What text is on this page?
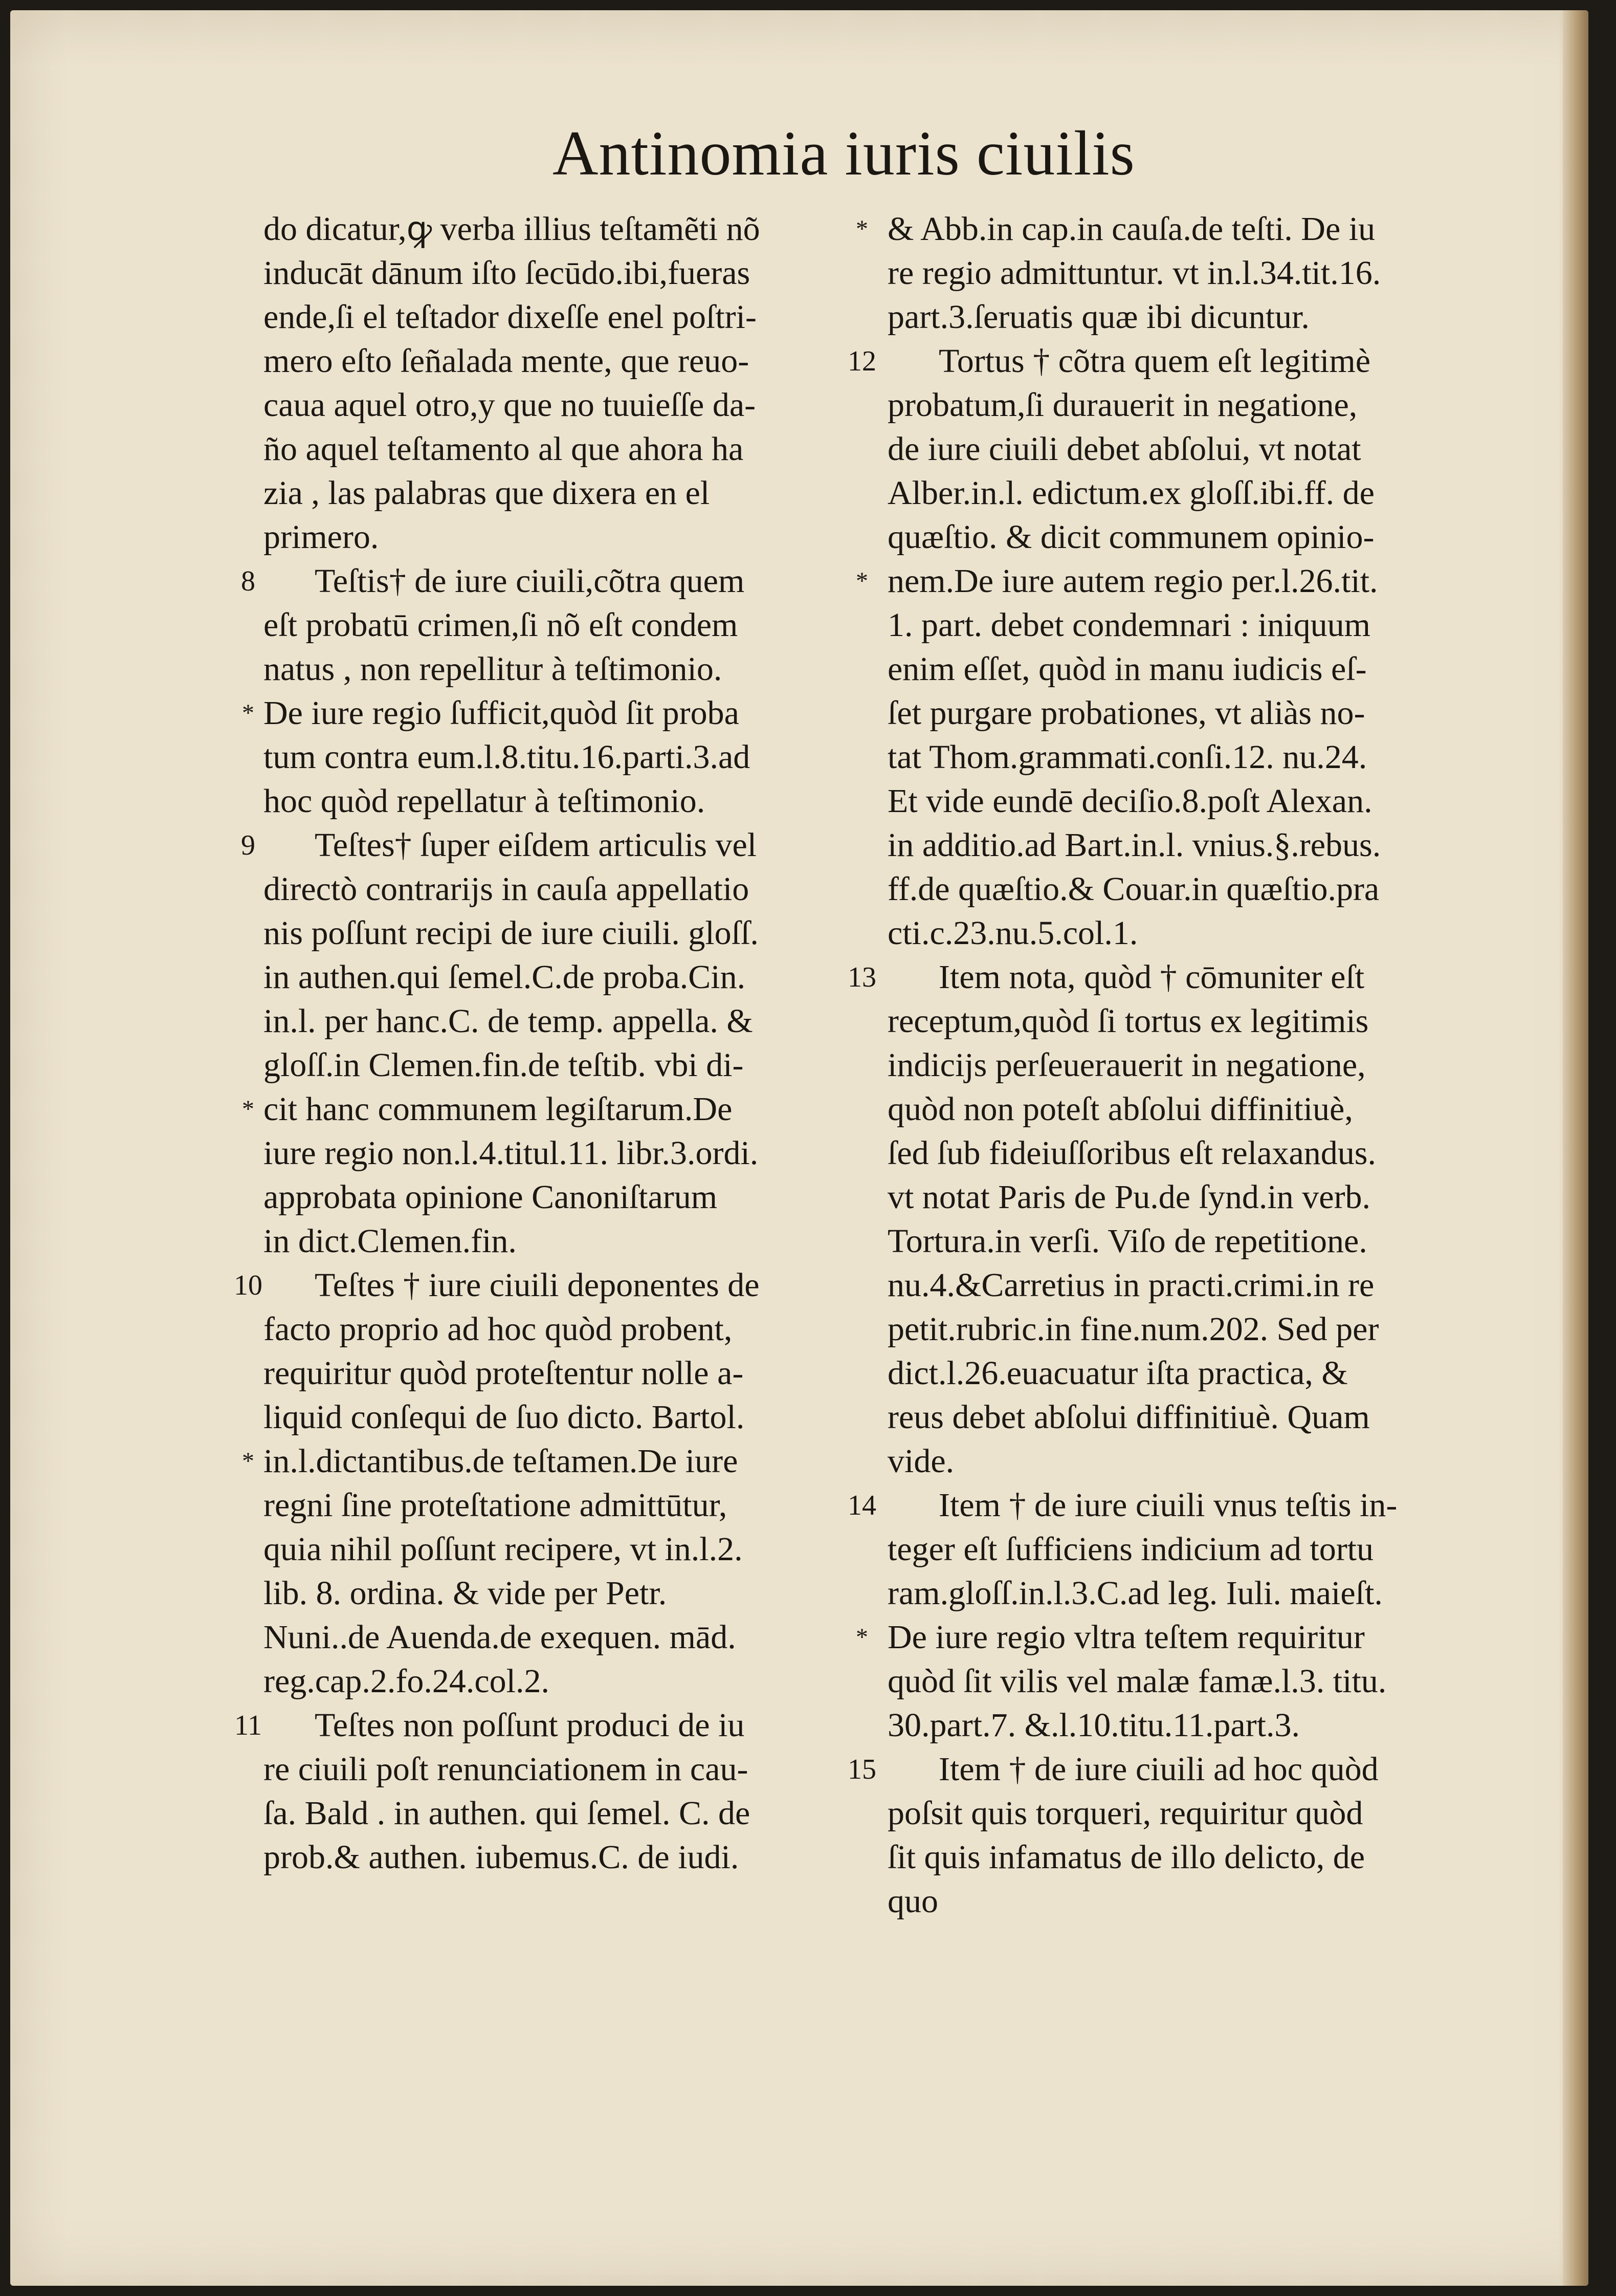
Antinomia iuris ciuilis
do dicatur,ꝙ verba illius teſtamẽti nõ
inducāt dānum iſto ſecūdo.ibi,fueras
ende,ſi el teſtador dixeſſe enel poſtri-
mero eſto ſeñalada mente, que reuo-
caua aquel otro,y que no tuuieſſe da-
ño aquel teſtamento al que ahora ha
zia , las palabras que dixera en el
primero.
Teſtis† de iure ciuili,cõtra quem
eſt probatū crimen,ſi nõ eſt condem
natus , non repellitur à teſtimonio.
De iure regio ſufficit,quòd ſit proba
tum contra eum.l.8.titu.16.parti.3.ad
hoc quòd repellatur à teſtimonio.
Teſtes† ſuper eiſdem articulis vel
directò contrarijs in cauſa appellatio
nis poſſunt recipi de iure ciuili. gloſſ.
in authen.qui ſemel.C.de proba.Cin.
in.l. per hanc.C. de temp. appella. &
gloſſ.in Clemen.fin.de teſtib. vbi di-
cit hanc communem legiſtarum.De
iure regio non.l.4.titul.11. libr.3.ordi.
approbata opinione Canoniſtarum
in dict.Clemen.fin.
Teſtes † iure ciuili deponentes de
facto proprio ad hoc quòd probent,
requiritur quòd proteſtentur nolle a-
liquid conſequi de ſuo dicto. Bartol.
in.l.dictantibus.de teſtamen.De iure
regni ſine proteſtatione admittūtur,
quia nihil poſſunt recipere, vt in.l.2.
lib. 8. ordina. & vide per Petr.
Nuni..de Auenda.de exequen. mād.
reg.cap.2.fo.24.col.2.
Teſtes non poſſunt produci de iu
re ciuili poſt renunciationem in cau-
ſa. Bald . in authen. qui ſemel. C. de
prob.& authen. iubemus.C. de iudi.
& Abb.in cap.in cauſa.de teſti. De iu
re regio admittuntur. vt in.l.34.tit.16.
part.3.ſeruatis quæ ibi dicuntur.
Tortus † cõtra quem eſt legitimè
probatum,ſi durauerit in negatione,
de iure ciuili debet abſolui, vt notat
Alber.in.l. edictum.ex gloſſ.ibi.ff. de
quæſtio. & dicit communem opinio-
nem.De iure autem regio per.l.26.tit.
1. part. debet condemnari : iniquum
enim eſſet, quòd in manu iudicis eſ-
ſet purgare probationes, vt aliàs no-
tat Thom.grammati.conſi.12. nu.24.
Et vide eundē deciſio.8.poſt Alexan.
in additio.ad Bart.in.l. vnius.§.rebus.
ff.de quæſtio.& Couar.in quæſtio.pra
cti.c.23.nu.5.col.1.
Item nota, quòd † cōmuniter eſt
receptum,quòd ſi tortus ex legitimis
indicijs perſeuerauerit in negatione,
quòd non poteſt abſolui diffinitiuè,
ſed ſub fideiuſſoribus eſt relaxandus.
vt notat Paris de Pu.de ſynd.in verb.
Tortura.in verſi. Viſo de repetitione.
nu.4.&Carretius in practi.crimi.in re
petit.rubric.in fine.num.202. Sed per
dict.l.26.euacuatur iſta practica, &
reus debet abſolui diffinitiuè. Quam
vide.
Item † de iure ciuili vnus teſtis in-
teger eſt ſufficiens indicium ad tortu
ram.gloſſ.in.l.3.C.ad leg. Iuli. maieſt.
De iure regio vltra teſtem requiritur
quòd ſit vilis vel malæ famæ.l.3. titu.
30.part.7. &.l.10.titu.11.part.3.
Item † de iure ciuili ad hoc quòd
poſsit quis torqueri, requiritur quòd
ſit quis infamatus de illo delicto, de
quo
8
*
9
*
10
*
11
*
12
*
13
14
*
15
